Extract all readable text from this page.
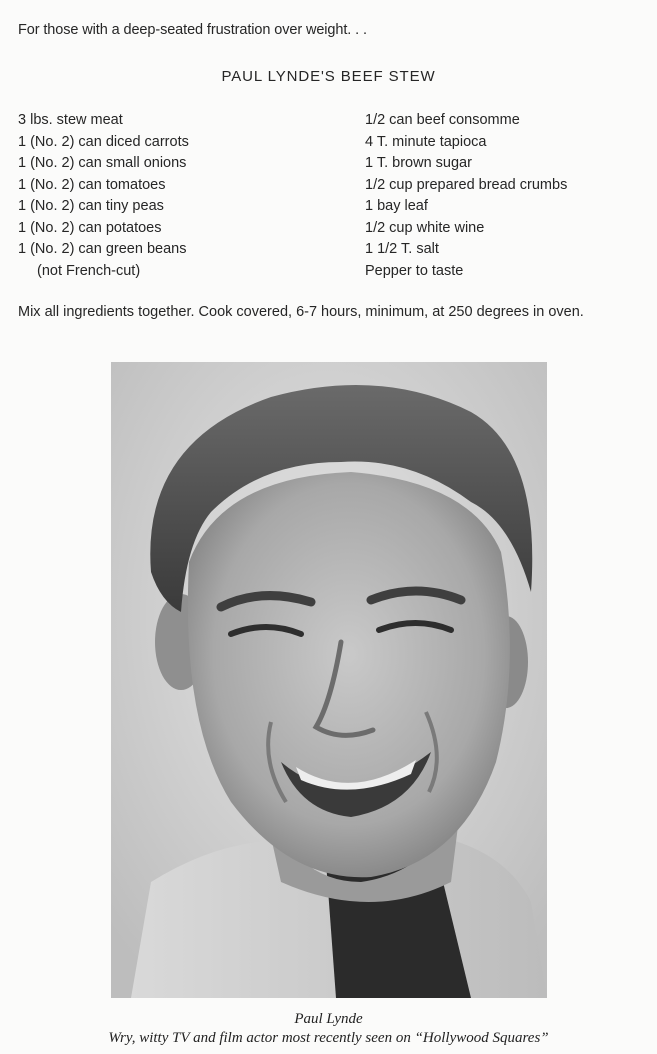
For those with a deep-seated frustration over weight. . .
PAUL LYNDE'S BEEF STEW
3 lbs. stew meat
1 (No. 2) can diced carrots
1 (No. 2) can small onions
1 (No. 2) can tomatoes
1 (No. 2) can tiny peas
1 (No. 2) can potatoes
1 (No. 2) can green beans
(not French-cut)
1/2 can beef consomme
4 T. minute tapioca
1 T. brown sugar
1/2 cup prepared bread crumbs
1 bay leaf
1/2 cup white wine
1 1/2 T. salt
Pepper to taste
Mix all ingredients together. Cook covered, 6-7 hours, minimum, at 250 degrees in oven.
Paul Lynde
Wry, witty TV and film actor most recently seen on “Hollywood Squares”
